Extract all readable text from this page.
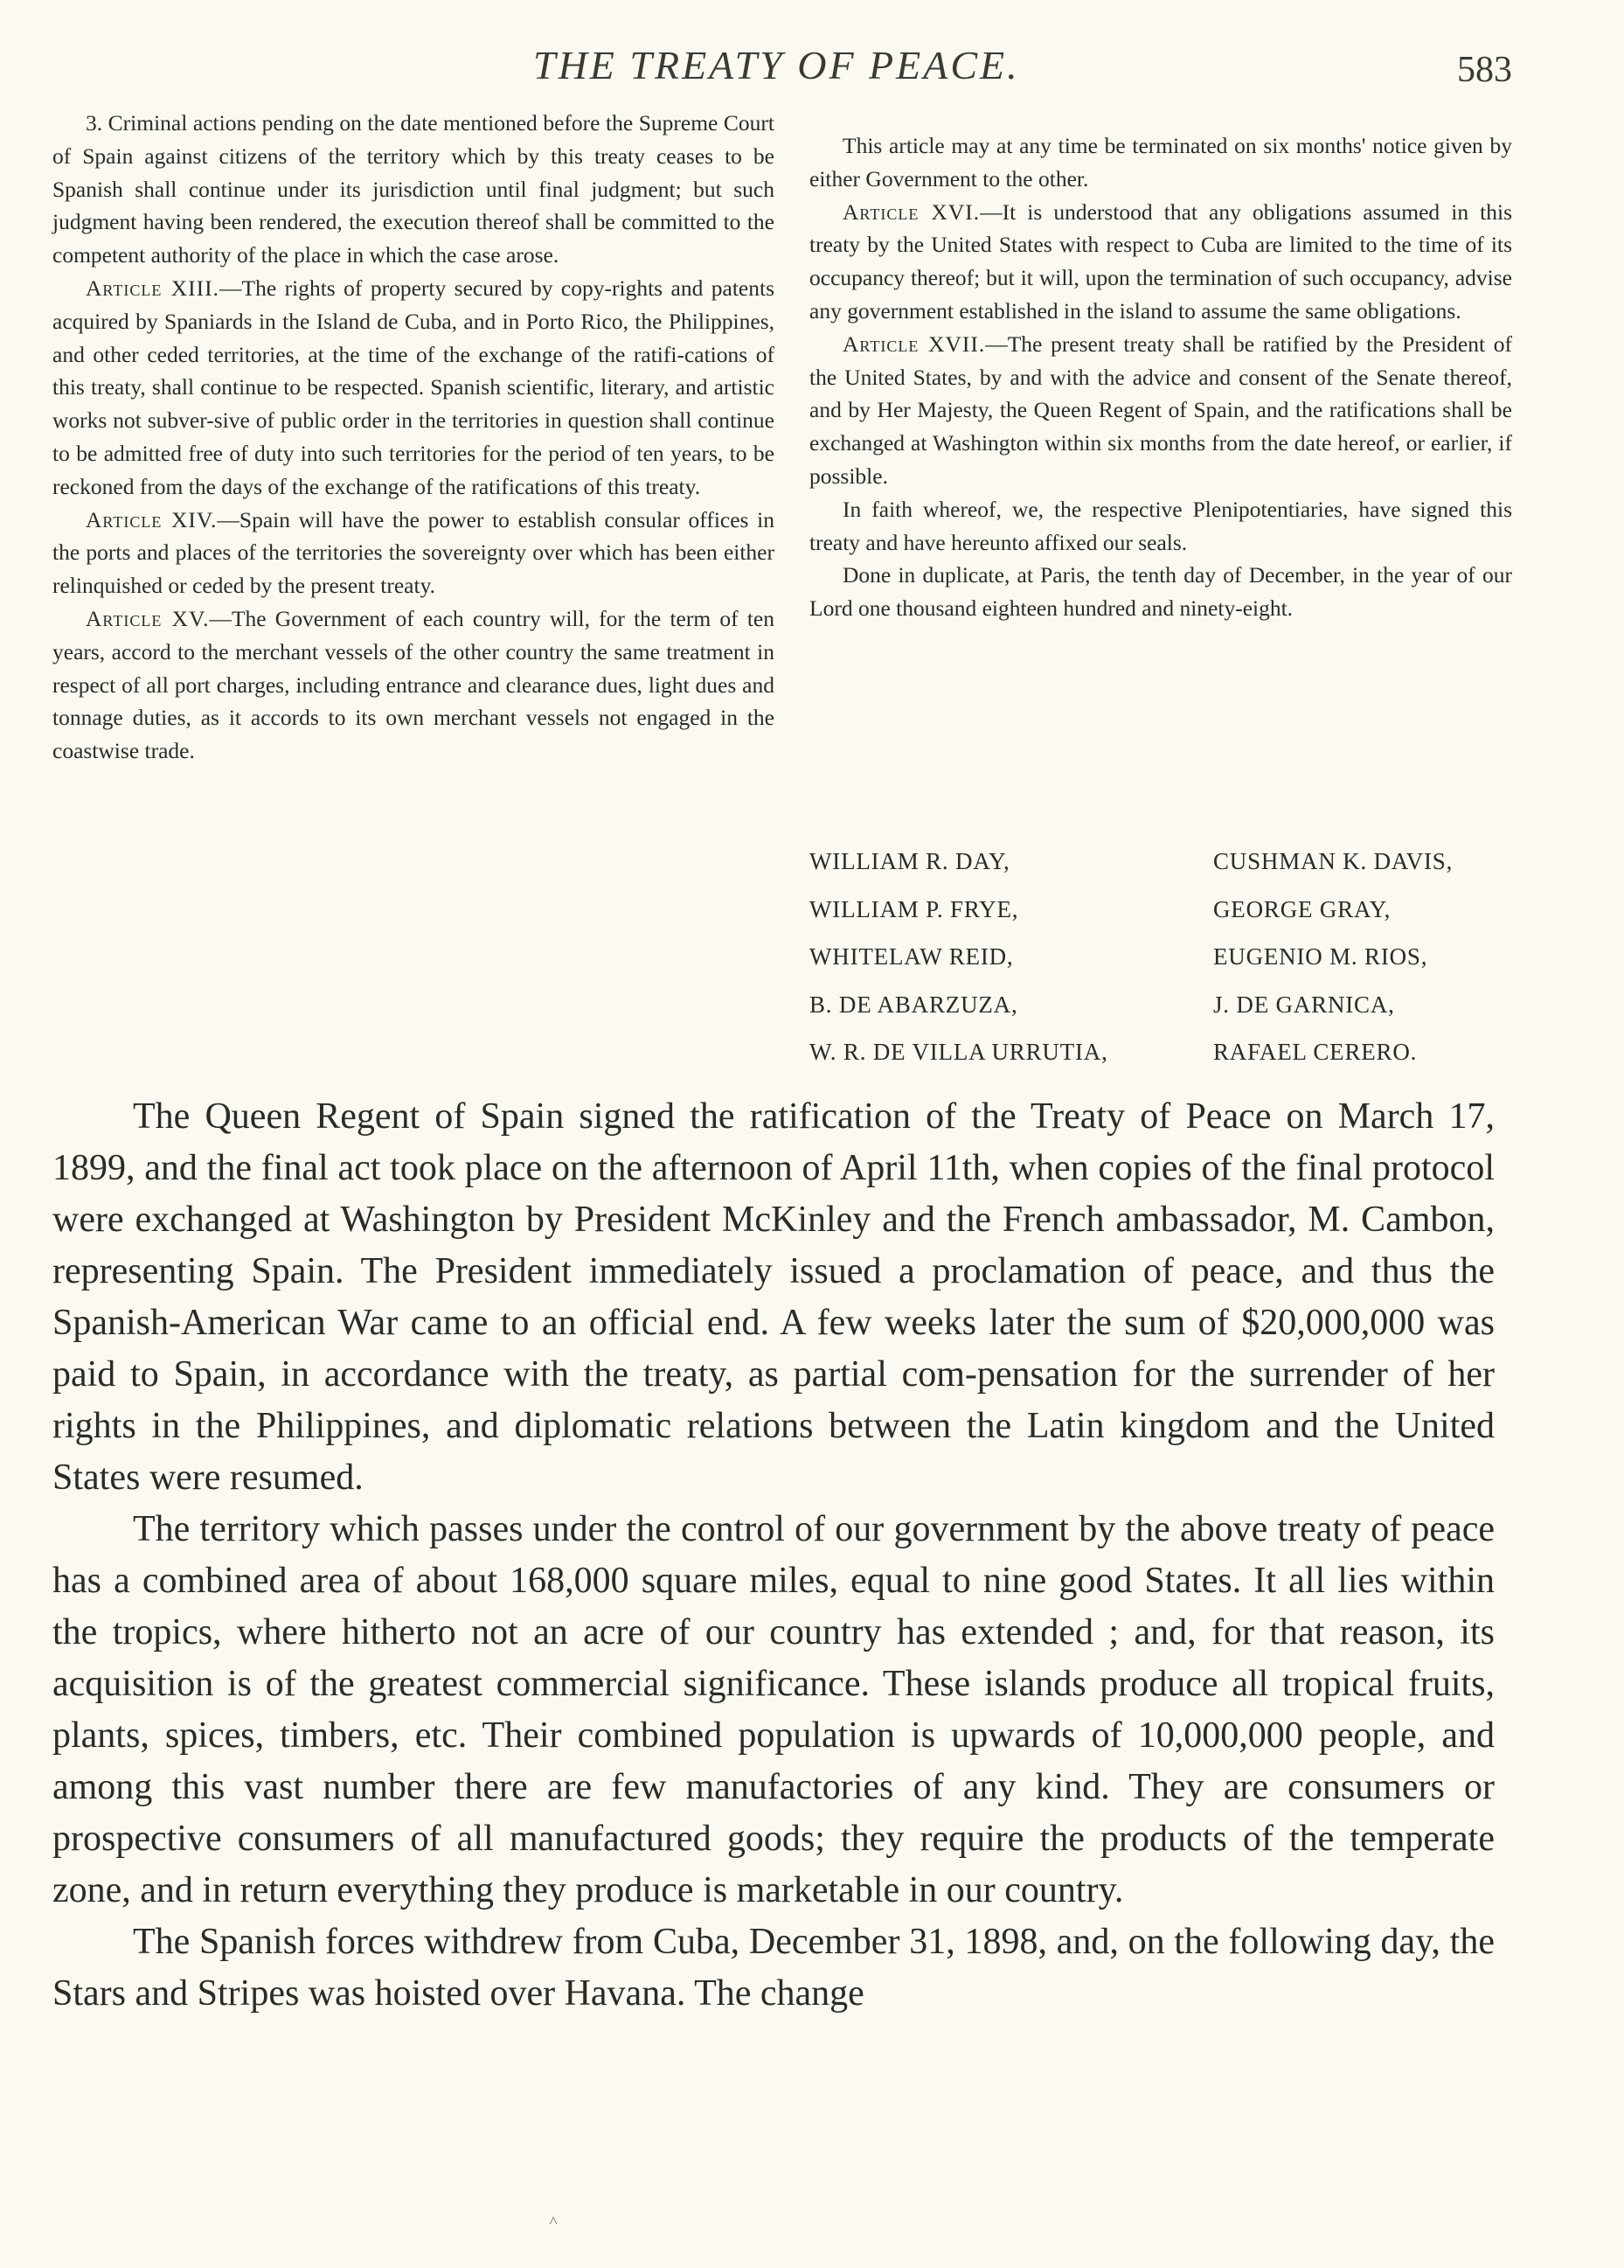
THE TREATY OF PEACE.	583

3. Criminal actions pending on the date mentioned before the Supreme Court of Spain against citizens of the territory which by this treaty ceases to be Spanish shall continue under its jurisdiction until final judgment; but such judgment having been rendered, the execution thereof shall be committed to the competent authority of the place in which the case arose.

Article XIII.—The rights of property secured by copy-rights and patents acquired by Spaniards in the Island de Cuba, and in Porto Rico, the Philippines, and other ceded territories, at the time of the exchange of the ratifi-cations of this treaty, shall continue to be respected. Spanish scientific, literary, and artistic works not subver-sive of public order in the territories in question shall continue to be admitted free of duty into such territories for the period of ten years, to be reckoned from the days of the exchange of the ratifications of this treaty.

Article XIV.—Spain will have the power to establish consular offices in the ports and places of the territories the sovereignty over which has been either relinquished or ceded by the present treaty.

Article XV.—The Government of each country will, for the term of ten years, accord to the merchant vessels of the other country the same treatment in respect of all port charges, including entrance and clearance dues, light dues and tonnage duties, as it accords to its own merchant vessels not engaged in the coastwise trade.

This article may at any time be terminated on six months' notice given by either Government to the other.

Article XVI.—It is understood that any obligations assumed in this treaty by the United States with respect to Cuba are limited to the time of its occupancy thereof; but it will, upon the termination of such occupancy, advise any government established in the island to assume the same obligations.

Article XVII.—The present treaty shall be ratified by the President of the United States, by and with the advice and consent of the Senate thereof, and by Her Majesty, the Queen Regent of Spain, and the ratifications shall be exchanged at Washington within six months from the date hereof, or earlier, if possible.

In faith whereof, we, the respective Plenipotentiaries, have signed this treaty and have hereunto affixed our seals.

Done in duplicate, at Paris, the tenth day of December, in the year of our Lord one thousand eighteen hundred and ninety-eight.

WILLIAM R. DAY,	CUSHMAN K. DAVIS,
WILLIAM P. FRYE,	GEORGE GRAY,
WHITELAW REID,	EUGENIO M. RIOS,
B. DE ABARZUZA,	J. DE GARNICA,
W. R. DE VILLA URRUTIA,	RAFAEL CERERO.

The Queen Regent of Spain signed the ratification of the Treaty of Peace on March 17, 1899, and the final act took place on the afternoon of April 11th, when copies of the final protocol were exchanged at Washington by President McKinley and the French ambassador, M. Cambon, representing Spain. The President immediately issued a proclamation of peace, and thus the Spanish-American War came to an official end. A few weeks later the sum of $20,000,000 was paid to Spain, in accordance with the treaty, as partial com-pensation for the surrender of her rights in the Philippines, and diplomatic relations between the Latin kingdom and the United States were resumed.

The territory which passes under the control of our government by the above treaty of peace has a combined area of about 168,000 square miles, equal to nine good States. It all lies within the tropics, where hitherto not an acre of our country has extended ; and, for that reason, its acquisition is of the greatest commercial significance. These islands produce all tropical fruits, plants, spices, timbers, etc. Their combined population is upwards of 10,000,000 people, and among this vast number there are few manufactories of any kind. They are consumers or prospective consumers of all manufactured goods; they require the products of the temperate zone, and in return everything they produce is marketable in our country.

The Spanish forces withdrew from Cuba, December 31, 1898, and, on the following day, the Stars and Stripes was hoisted over Havana. The change

˄
